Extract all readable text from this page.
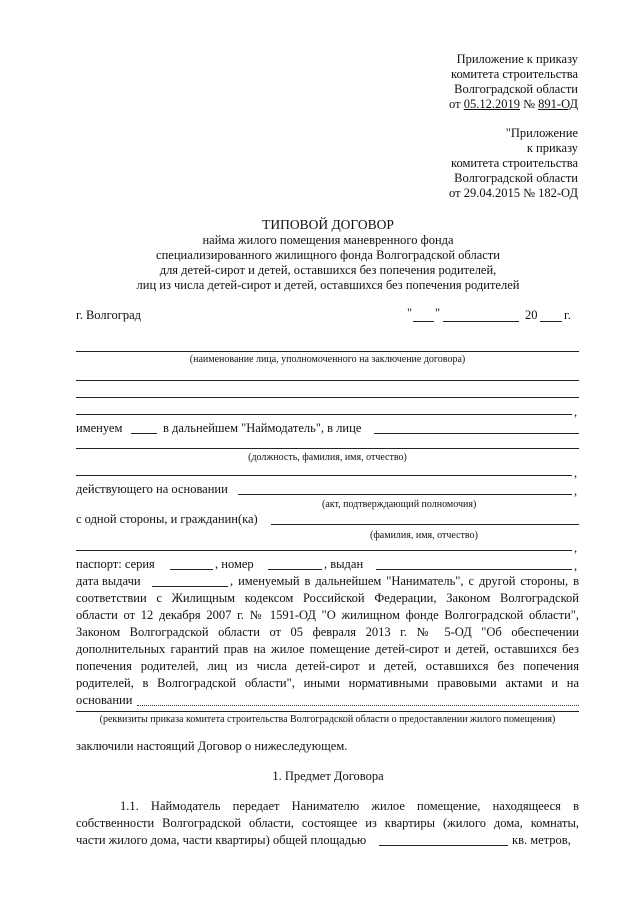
Приложение к приказу
комитета строительства
Волгоградской области
от 05.12.2019 № 891-ОД
"Приложение
к приказу
комитета строительства
Волгоградской области
от 29.04.2015 № 182-ОД
ТИПОВОЙ ДОГОВОР
найма жилого помещения маневренного фонда
специализированного жилищного фонда Волгоградской области
для детей-сирот и детей, оставшихся без попечения родителей,
лиц из числа детей-сирот и детей, оставшихся без попечения родителей
г. Волгоград	" "	20 г.
(наименование лица, уполномоченного на заключение договора)
,
именуем	в дальнейшем "Наймодатель", в лице
(должность, фамилия, имя, отчество)
,
действующего на основании	,
(акт, подтверждающий полномочия)
с одной стороны, и гражданин(ка)
(фамилия, имя, отчество)
,
паспорт: серия	, номер	, выдан	,
дата выдачи	, именуемый в дальнейшем "Наниматель", с другой стороны, в
соответствии с Жилищным кодексом Российской Федерации, Законом Волгоградской
области от 12 декабря 2007 г. № 1591-ОД "О жилищном фонде Волгоградской области",
Законом Волгоградской области от 05 февраля 2013 г. № 5-ОД "Об обеспечении
дополнительных гарантий прав на жилое помещение детей-сирот и детей, оставшихся без
попечения родителей, лиц из числа детей-сирот и детей, оставшихся без попечения
родителей, в Волгоградской области", иными нормативными правовыми актами и на
основании
(реквизиты приказа комитета строительства Волгоградской области о предоставлении жилого помещения)
заключили настоящий Договор о нижеследующем.
1. Предмет Договора
1.1. Наймодатель передает Нанимателю жилое помещение, находящееся в
собственности Волгоградской области, состоящее из квартиры (жилого дома, комнаты,
части жилого дома, части квартиры) общей площадью	кв. метров,
